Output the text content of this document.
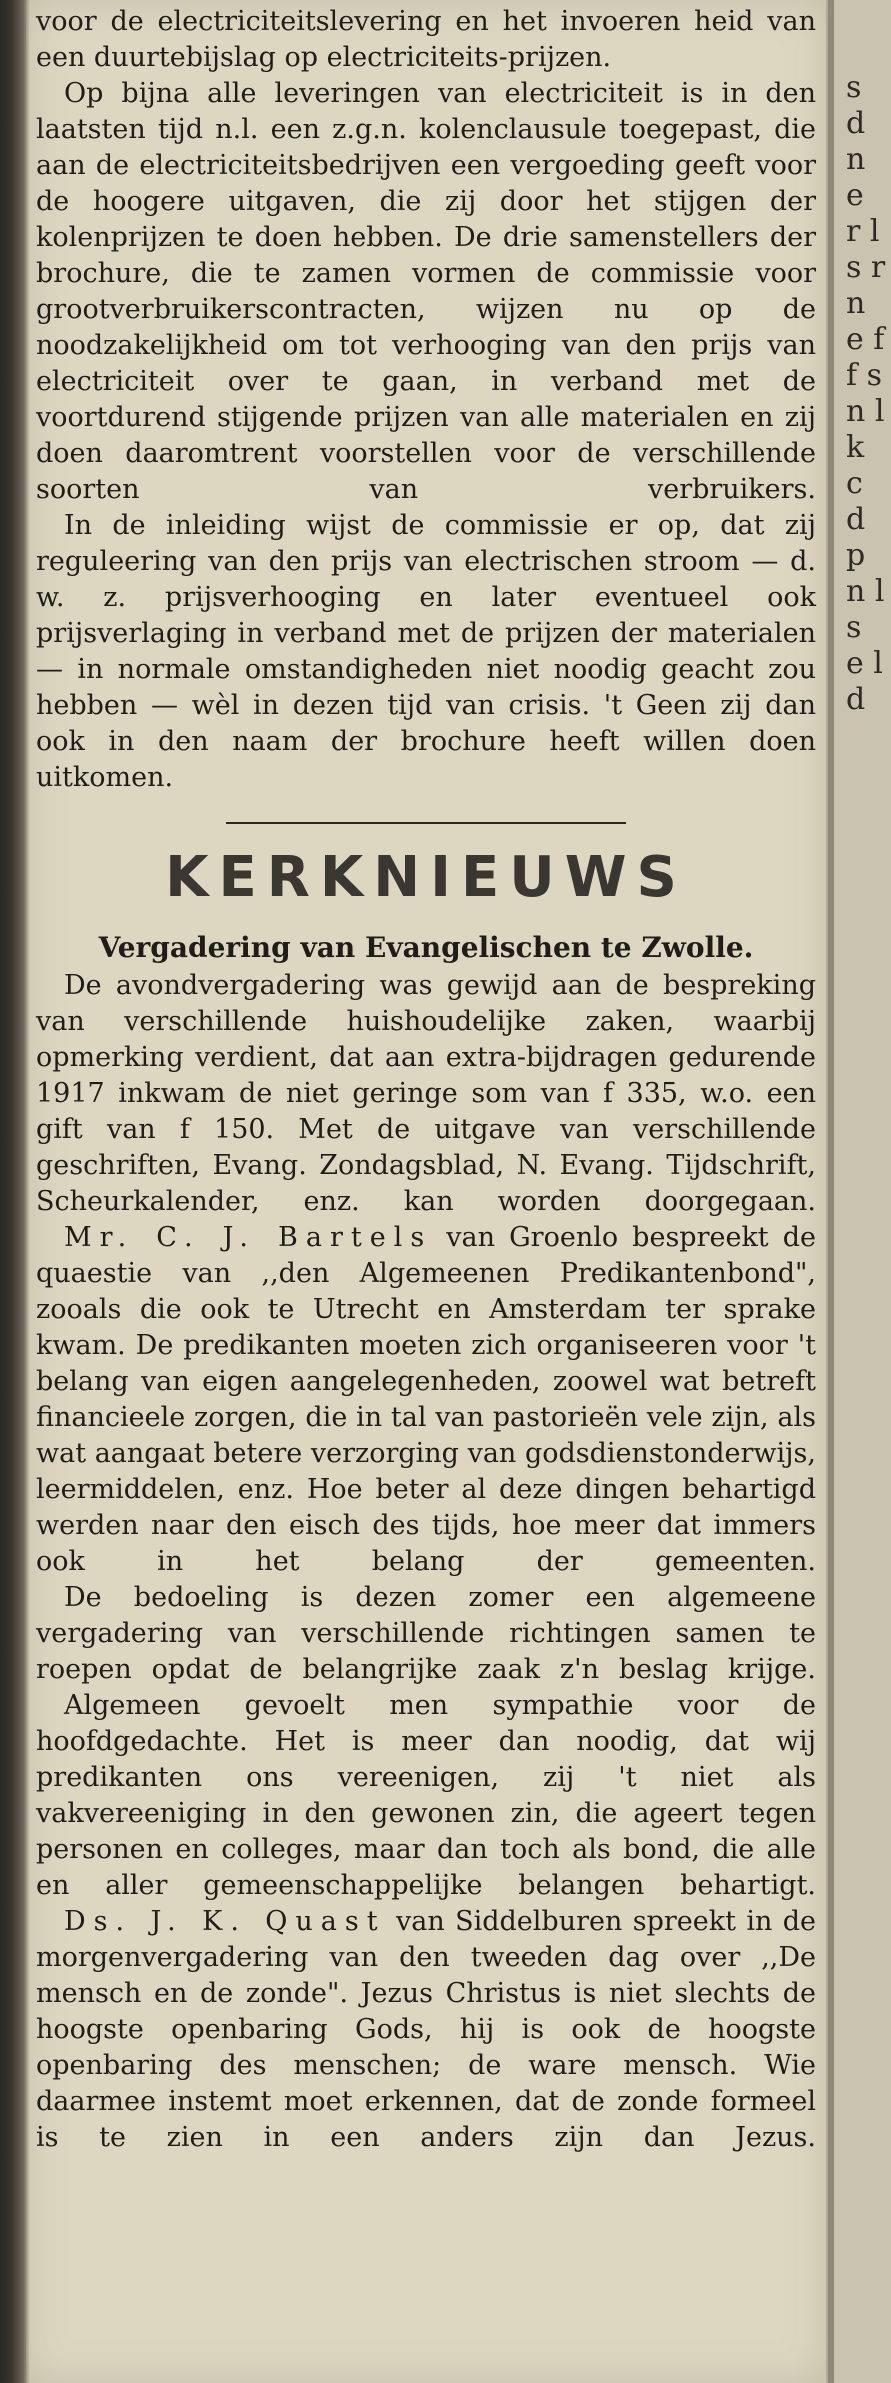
s d n e r l s r n e f f s n l k c d p n l s e l d

voor de electriciteitslevering en het invoeren heid van een duurtebijslag op electriciteits-prijzen.

Op bijna alle leveringen van electriciteit is in den laatsten tijd n.l. een z.g.n. kolenclausule toegepast, die aan de electriciteitsbedrijven een vergoeding geeft voor de hoogere uitgaven, die zij door het stijgen der kolenprijzen te doen hebben. De drie samenstellers der brochure, die te zamen vormen de commissie voor grootverbruikerscontracten, wijzen nu op de noodzakelijkheid om tot verhooging van den prijs van electriciteit over te gaan, in verband met de voortdurend stijgende prijzen van alle materialen en zij doen daaromtrent voorstellen voor de verschillende soorten van verbruikers.

In de inleiding wijst de commissie er op, dat zij reguleering van den prijs van electrischen stroom — d. w. z. prijsverhooging en later eventueel ook prijsverlaging in verband met de prijzen der materialen — in normale omstandigheden niet noodig geacht zou hebben — wèl in dezen tijd van crisis. 't Geen zij dan ook in den naam der brochure heeft willen doen uitkomen.

KERKNIEUWS
Vergadering van Evangelischen te Zwolle.

De avondvergadering was gewijd aan de bespreking van verschillende huishoudelijke zaken, waarbij opmerking verdient, dat aan extra-bijdragen gedurende 1917 inkwam de niet geringe som van f 335, w.o. een gift van f 150. Met de uitgave van verschillende geschriften, Evang. Zondagsblad, N. Evang. Tijdschrift, Scheurkalender, enz. kan worden doorgegaan.

Mr. C. J. Bartels van Groenlo bespreekt de quaestie van ,,den Algemeenen Predikantenbond", zooals die ook te Utrecht en Amsterdam ter sprake kwam. De predikanten moeten zich organiseeren voor 't belang van eigen aangelegenheden, zoowel wat betreft financieele zorgen, die in tal van pastorieën vele zijn, als wat aangaat betere verzorging van godsdienstonderwijs, leermiddelen, enz. Hoe beter al deze dingen behartigd werden naar den eisch des tijds, hoe meer dat immers ook in het belang der gemeenten.

De bedoeling is dezen zomer een algemeene vergadering van verschillende richtingen samen te roepen opdat de belangrijke zaak z'n beslag krijge.

Algemeen gevoelt men sympathie voor de hoofdgedachte. Het is meer dan noodig, dat wij predikanten ons vereenigen, zij 't niet als vakvereeniging in den gewonen zin, die ageert tegen personen en colleges, maar dan toch als bond, die alle en aller gemeenschappelijke belangen behartigt.

Ds. J. K. Quast van Siddelburen spreekt in de morgenvergadering van den tweeden dag over ,,De mensch en de zonde". Jezus Christus is niet slechts de hoogste openbaring Gods, hij is ook de hoogste openbaring des menschen; de ware mensch. Wie daarmee instemt moet erkennen, dat de zonde formeel is te zien in een anders zijn dan Jezus.
